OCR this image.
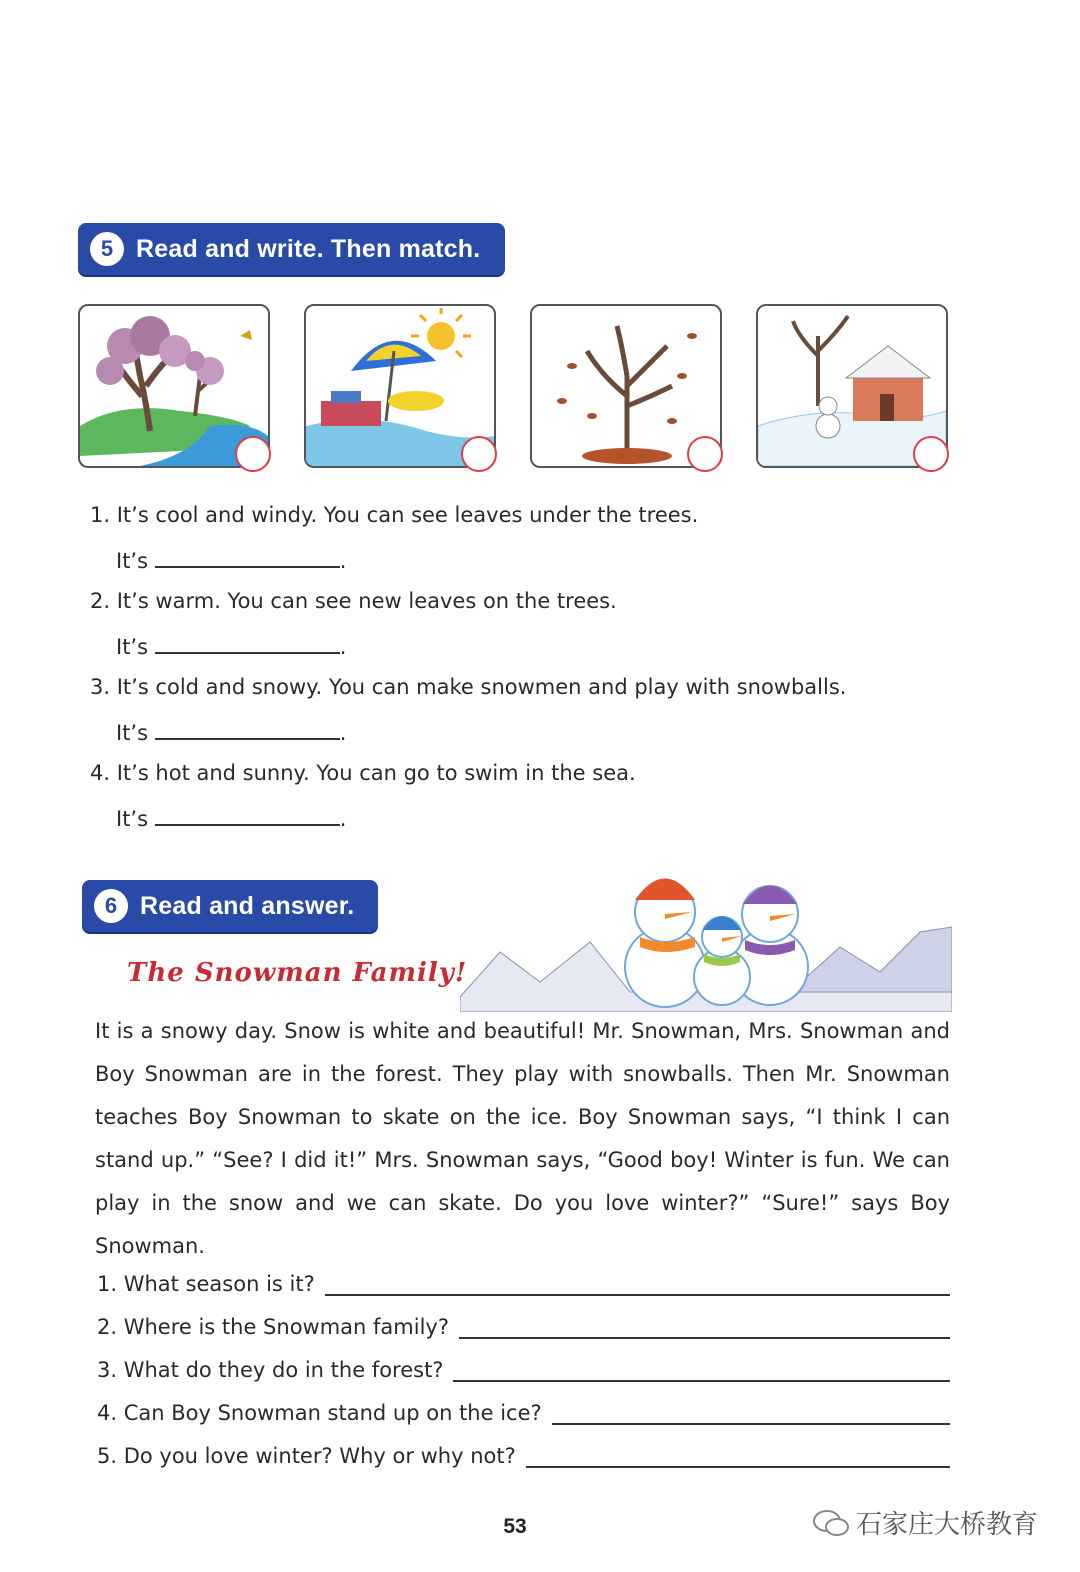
5 Read and write. Then match.
1. It’s cool and windy. You can see leaves under the trees.
It’s	.
2. It’s warm. You can see new leaves on the trees.
It’s	.
3. It’s cold and snowy. You can make snowmen and play with snowballs.
It’s	.
4. It’s hot and sunny. You can go to swim in the sea.
It’s	.
6 Read and answer.
The Snowman Family!
It is a snowy day. Snow is white and beautiful! Mr. Snowman, Mrs. Snowman and Boy Snowman are in the forest. They play with snowballs. Then Mr. Snowman teaches Boy Snowman to skate on the ice. Boy Snowman says, “I think I can stand up.” “See? I did it!” Mrs. Snowman says, “Good boy! Winter is fun. We can play in the snow and we can skate. Do you love winter?” “Sure!” says Boy Snowman.
1. What season is it?
2. Where is the Snowman family?
3. What do they do in the forest?
4. Can Boy Snowman stand up on the ice?
5. Do you love winter? Why or why not?
53	石家庄大桥教育
